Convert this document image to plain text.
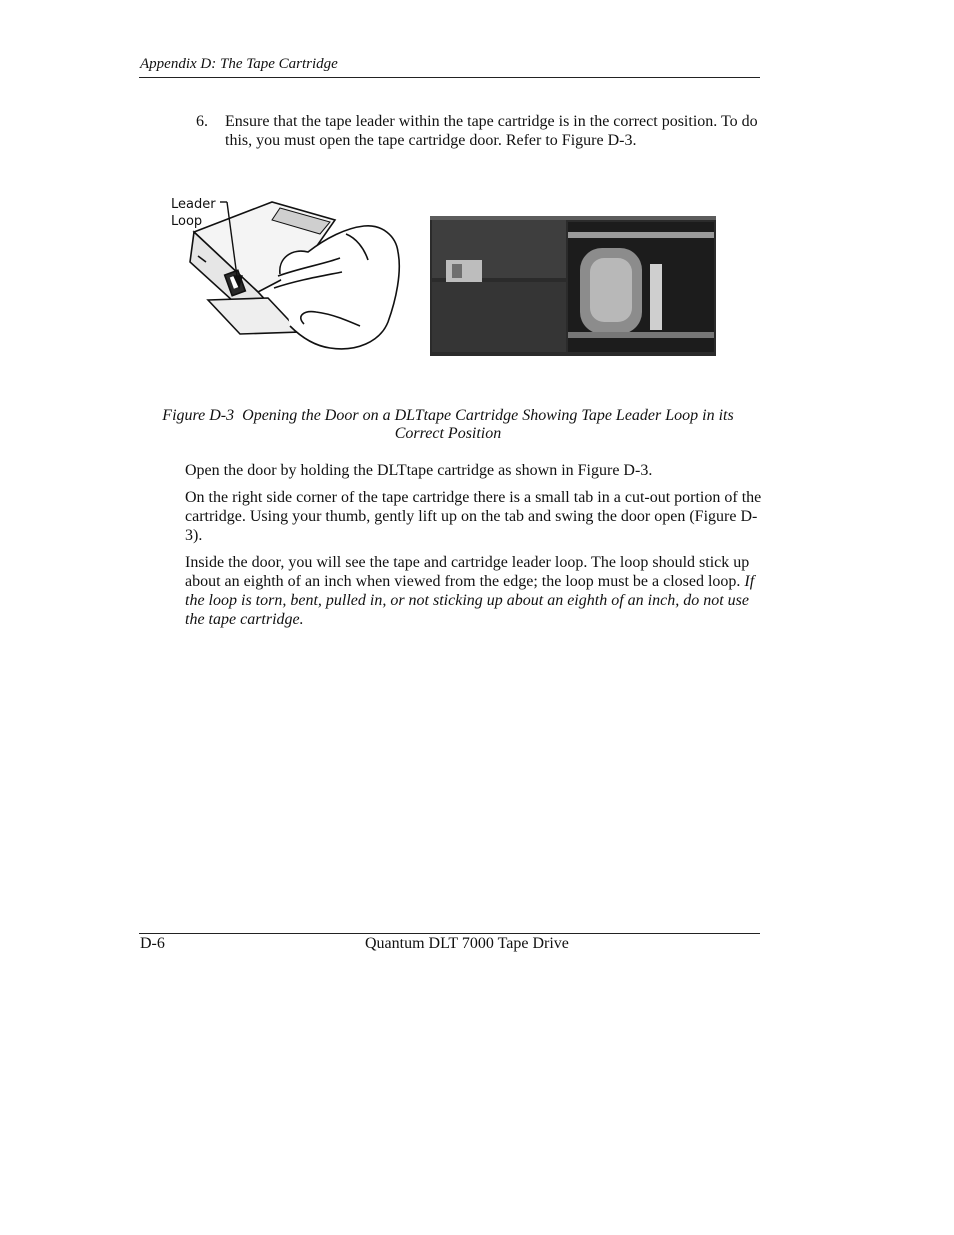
Appendix D: The Tape Cartridge

6. Ensure that the tape leader within the tape cartridge is in the correct position. To do this, you must open the tape cartridge door. Refer to Figure D-3.

Leader
Loop

Figure D-3 Opening the Door on a DLTtape Cartridge Showing Tape Leader Loop in its Correct Position

Open the door by holding the DLTtape cartridge as shown in Figure D-3.

On the right side corner of the tape cartridge there is a small tab in a cut-out portion of the cartridge. Using your thumb, gently lift up on the tab and swing the door open (Figure D-3).

Inside the door, you will see the tape and cartridge leader loop. The loop should stick up about an eighth of an inch when viewed from the edge; the loop must be a closed loop. If the loop is torn, bent, pulled in, or not sticking up about an eighth of an inch, do not use the tape cartridge.

D-6	Quantum DLT 7000 Tape Drive
